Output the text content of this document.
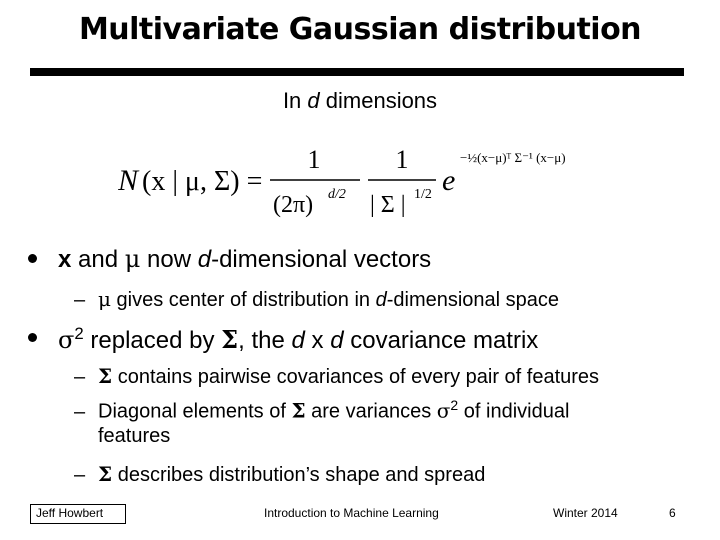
Multivariate Gaussian distribution
In d dimensions
N (x | μ, Σ) =
1
(2π) d/2
1
| Σ | 1/2 e
−½(x−μ)ᵀ Σ⁻¹ (x−μ)
x and μ now d-dimensional vectors
– μ gives center of distribution in d-dimensional space
$\sigma^2$ replaced by Σ, the d x d covariance matrix
– Σ contains pairwise covariances of every pair of features
– Diagonal elements of Σ are variances $\sigma^2$ of individual
features
– Σ describes distribution’s shape and spread
Jeff Howbert	Introduction to Machine Learning	Winter 2014	6
